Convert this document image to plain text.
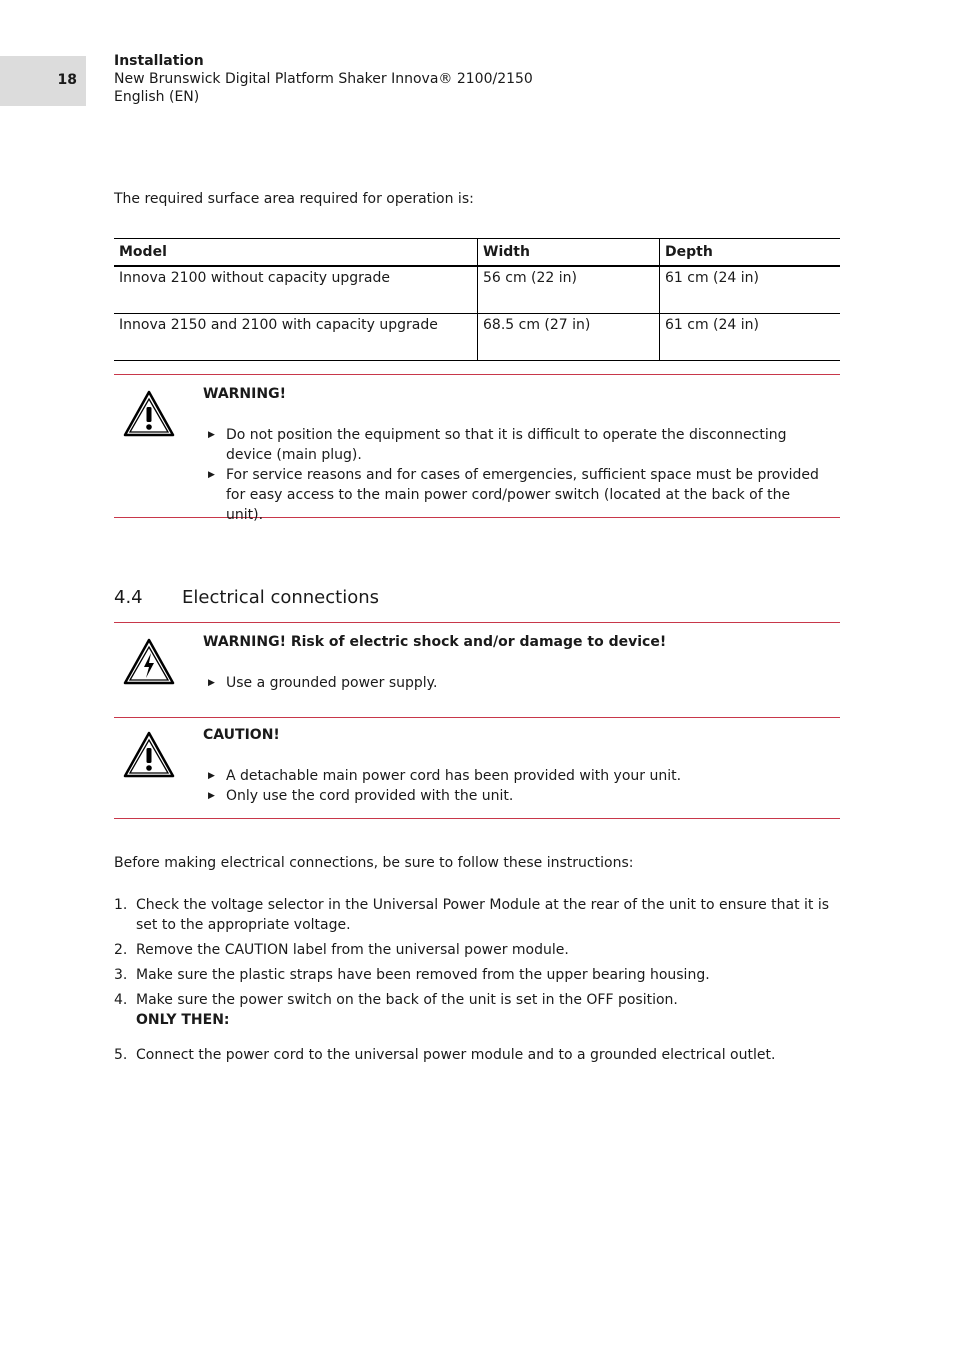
18
Installation
New Brunswick Digital Platform Shaker Innova® 2100/2150
English (EN)
The required surface area required for operation is:
Model	Width	Depth
Innova 2100 without capacity upgrade	56 cm (22 in)	61 cm (24 in)
Innova 2150 and 2100 with capacity upgrade	68.5 cm (27 in)	61 cm (24 in)
WARNING!
▶ Do not position the equipment so that it is difficult to operate the disconnecting device (main plug).
▶ For service reasons and for cases of emergencies, sufficient space must be provided for easy access to the main power cord/power switch (located at the back of the unit).
4.4 Electrical connections
WARNING! Risk of electric shock and/or damage to device!
▶ Use a grounded power supply.
CAUTION!
▶ A detachable main power cord has been provided with your unit.
▶ Only use the cord provided with the unit.
Before making electrical connections, be sure to follow these instructions:
1. Check the voltage selector in the Universal Power Module at the rear of the unit to ensure that it is set to the appropriate voltage.
2. Remove the CAUTION label from the universal power module.
3. Make sure the plastic straps have been removed from the upper bearing housing.
4. Make sure the power switch on the back of the unit is set in the OFF position.
ONLY THEN:
5. Connect the power cord to the universal power module and to a grounded electrical outlet.
